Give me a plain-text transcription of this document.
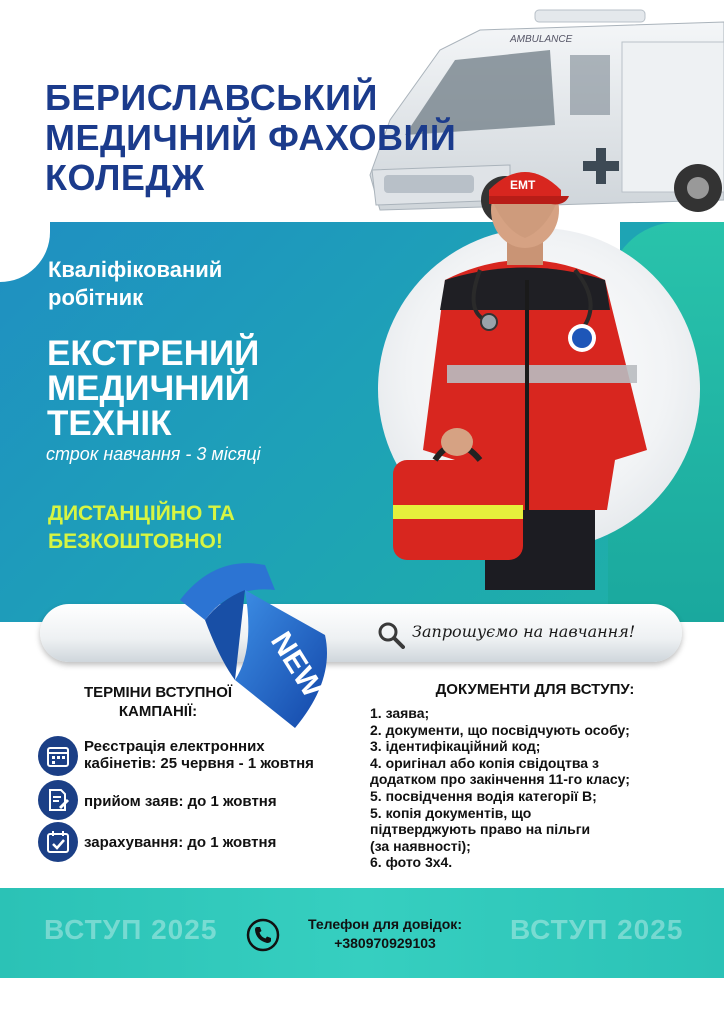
AMBULANCE
БЕРИСЛАВСЬКИЙ
МЕДИЧНИЙ ФАХОВИЙ
КОЛЕДЖ	EMT
Кваліфікований
робітник
ЕКСТРЕНИЙ
МЕДИЧНИЙ
ТЕХНІК
строк навчання - 3 місяці
ДИСТАНЦІЙНО ТА
БЕЗКОШТОВНО!
Запрошуємо на навчання!
NEW
ТЕРМІНИ ВСТУПНОЇ
КАМПАНІЇ:
Реєстрація електронних
кабінетів: 25 червня - 1 жовтня
прийом заяв: до 1 жовтня
зарахування: до 1 жовтня
ДОКУМЕНТИ ДЛЯ ВСТУПУ:
1. заява;
2. документи, що посвідчують особу;
3. ідентифікаційний код;
4. оригінал або копія свідоцтва з
додатком про закінчення 11-го класу;
5. посвідчення водія категорії В;
5. копія документів, що
підтверджують право на пільги
(за наявності);
6. фото 3х4.
ВСТУП 2025	ВСТУП 2025
Телефон для довідок:
+380970929103
